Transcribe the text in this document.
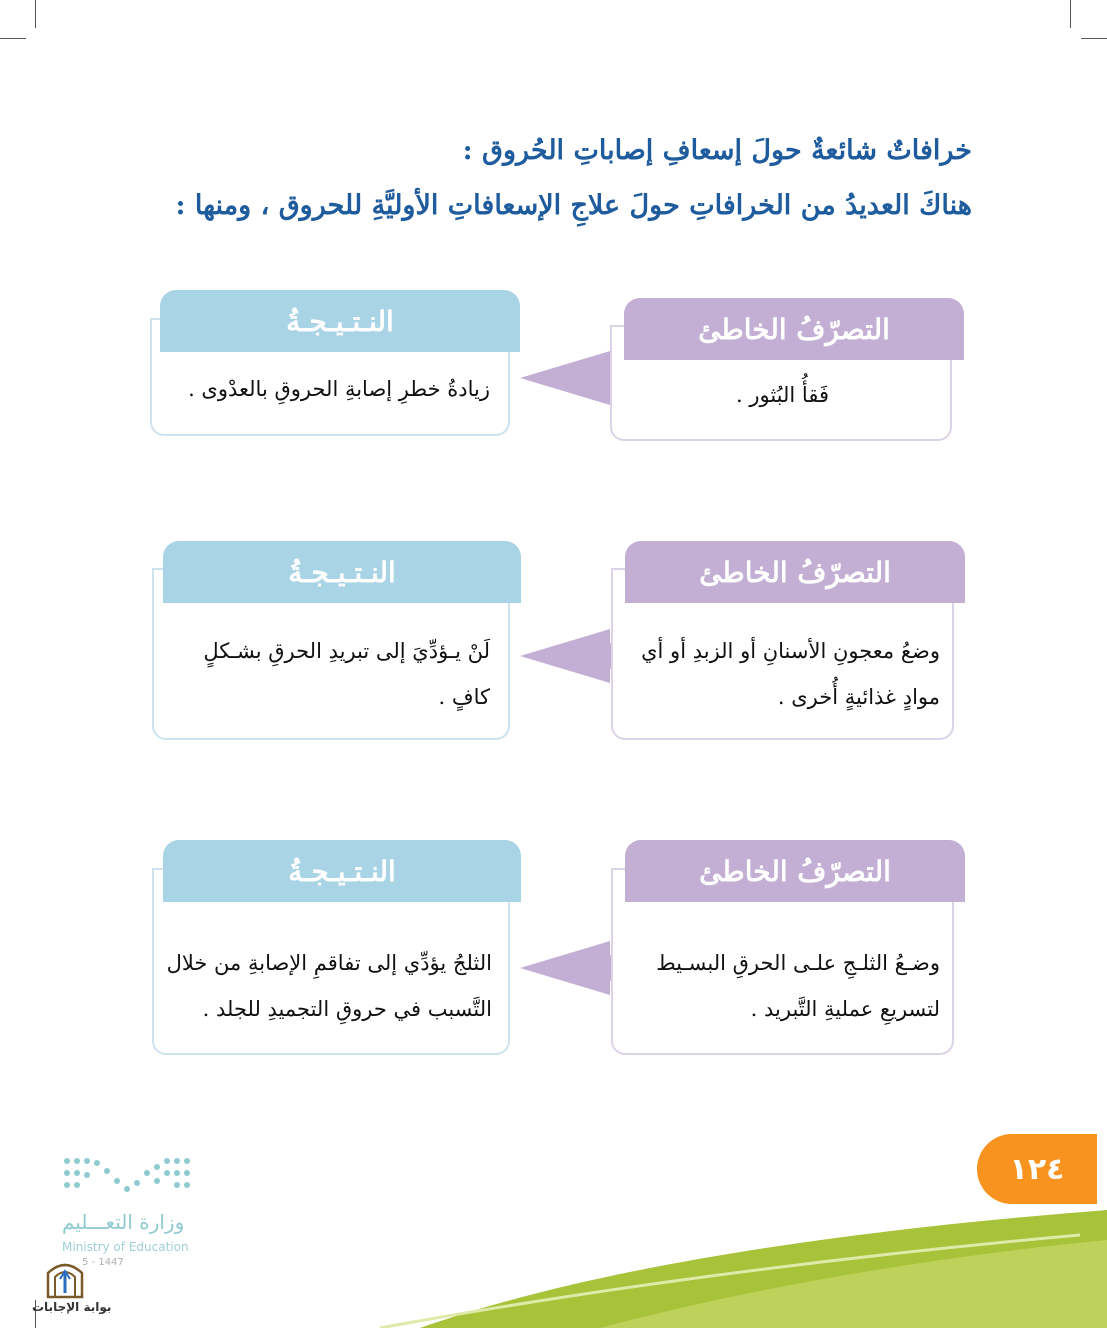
خرافاتٌ شائعةٌ حولَ إسعافِ إصاباتِ الحُروق :
هناكَ العديدُ من الخرافاتِ حولَ علاجِ الإسعافاتِ الأوليَّةِ للحروق ، ومنها :
النـتـيـجـةُ
زيادةُ خطرِ إصابةِ الحروقِ بالعدْوى .
التصرّفُ الخاطئ
فَقأُ البُثور .
النـتـيـجـةُ
لَنْ يـؤدِّيَ إلى تبريدِ الحرقِ بشـكلٍ
كافٍ .
التصرّفُ الخاطئ
وضعُ معجونِ الأسنانِ أو الزبدِ أو أي
موادٍ غذائيةٍ أُخرى .
النـتـيـجـةُ
الثلجُ يؤدِّي إلى تفاقمِ الإصابةِ من خلال
التَّسبب في حروقِ التجميدِ للجلد .
التصرّفُ الخاطئ
وضـعُ الثلـجِ علـى الحرقِ البسـيط
لتسريعِ عمليةِ التَّبريد .
١٢٤
وزارة التعـــليم
Ministry of Education
5 - 1447
بوابة الإجابات
